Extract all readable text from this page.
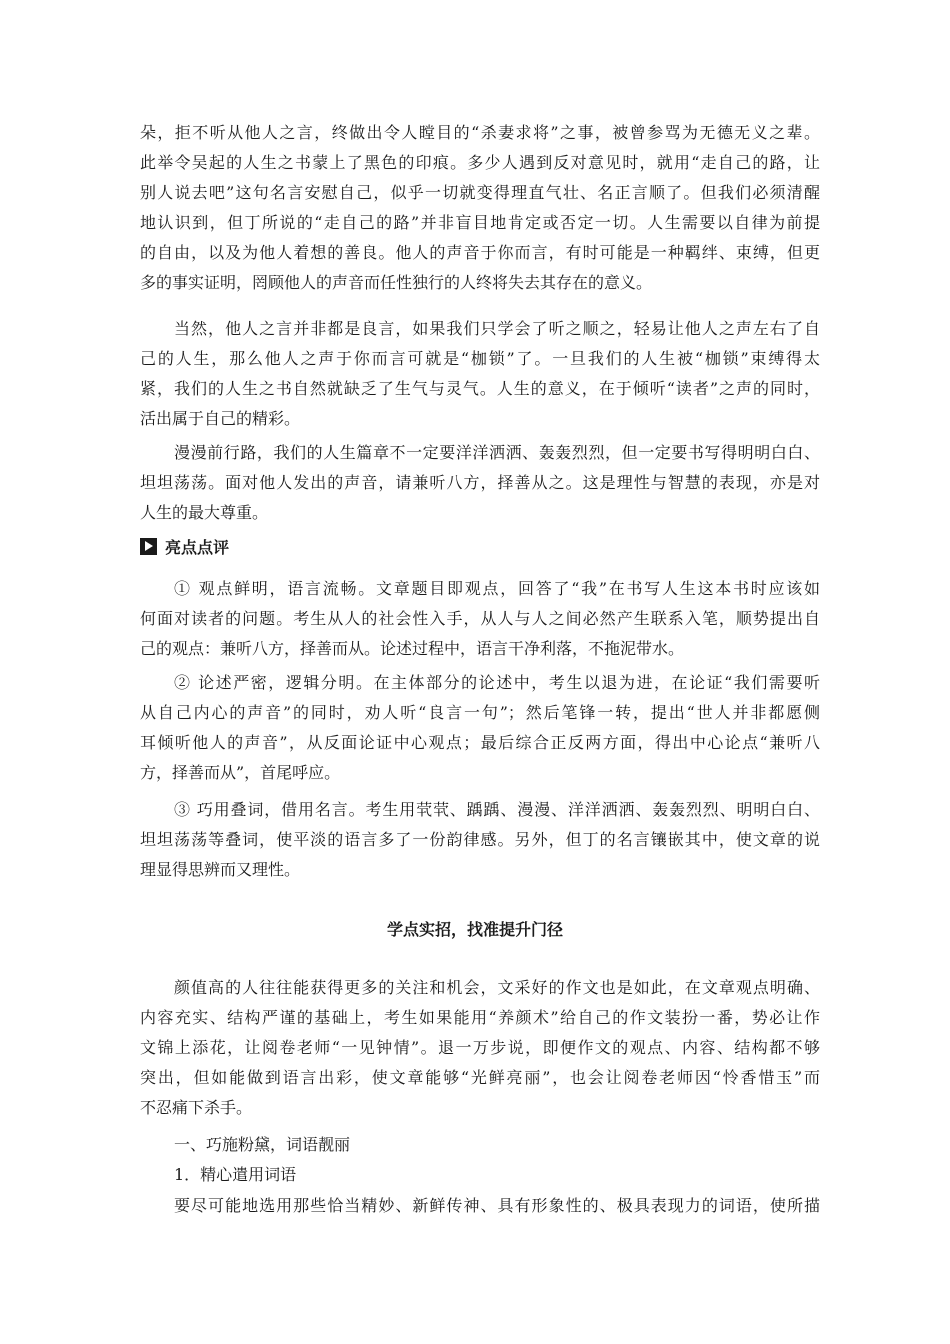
朵，拒不听从他人之言，终做出令人瞠目的“杀妻求将”之事，被曾参骂为无德无义之辈。
此举令吴起的人生之书蒙上了黑色的印痕。多少人遇到反对意见时，就用“走自己的路，让
别人说去吧”这句名言安慰自己，似乎一切就变得理直气壮、名正言顺了。但我们必须清醒
地认识到，但丁所说的“走自己的路”并非盲目地肯定或否定一切。人生需要以自律为前提
的自由，以及为他人着想的善良。他人的声音于你而言，有时可能是一种羁绊、束缚，但更
多的事实证明，罔顾他人的声音而任性独行的人终将失去其存在的意义。
当然，他人之言并非都是良言，如果我们只学会了听之顺之，轻易让他人之声左右了自
己的人生，那么他人之声于你而言可就是“枷锁”了。一旦我们的人生被“枷锁”束缚得太
紧，我们的人生之书自然就缺乏了生气与灵气。人生的意义，在于倾听“读者”之声的同时，
活出属于自己的精彩。
漫漫前行路，我们的人生篇章不一定要洋洋洒洒、轰轰烈烈，但一定要书写得明明白白、
坦坦荡荡。面对他人发出的声音，请兼听八方，择善从之。这是理性与智慧的表现，亦是对
人生的最大尊重。
亮点点评
① 观点鲜明，语言流畅。文章题目即观点，回答了“我”在书写人生这本书时应该如
何面对读者的问题。考生从人的社会性入手，从人与人之间必然产生联系入笔，顺势提出自
己的观点：兼听八方，择善而从。论述过程中，语言干净利落，不拖泥带水。
② 论述严密，逻辑分明。在主体部分的论述中，考生以退为进，在论证“我们需要听
从自己内心的声音”的同时，劝人听“良言一句”；然后笔锋一转，提出“世人并非都愿侧
耳倾听他人的声音”，从反面论证中心观点；最后综合正反两方面，得出中心论点“兼听八
方，择善而从”，首尾呼应。
③ 巧用叠词，借用名言。考生用茕茕、踽踽、漫漫、洋洋洒洒、轰轰烈烈、明明白白、
坦坦荡荡等叠词，使平淡的语言多了一份韵律感。另外，但丁的名言镶嵌其中，使文章的说
理显得思辨而又理性。
学点实招，找准提升门径
颜值高的人往往能获得更多的关注和机会，文采好的作文也是如此，在文章观点明确、
内容充实、结构严谨的基础上，考生如果能用“养颜术”给自己的作文装扮一番，势必让作
文锦上添花，让阅卷老师“一见钟情”。退一万步说，即便作文的观点、内容、结构都不够
突出，但如能做到语言出彩，使文章能够“光鲜亮丽”，也会让阅卷老师因“怜香惜玉”而
不忍痛下杀手。
一、巧施粉黛，词语靓丽
1．精心遣用词语
要尽可能地选用那些恰当精妙、新鲜传神、具有形象性的、极具表现力的词语，使所描
